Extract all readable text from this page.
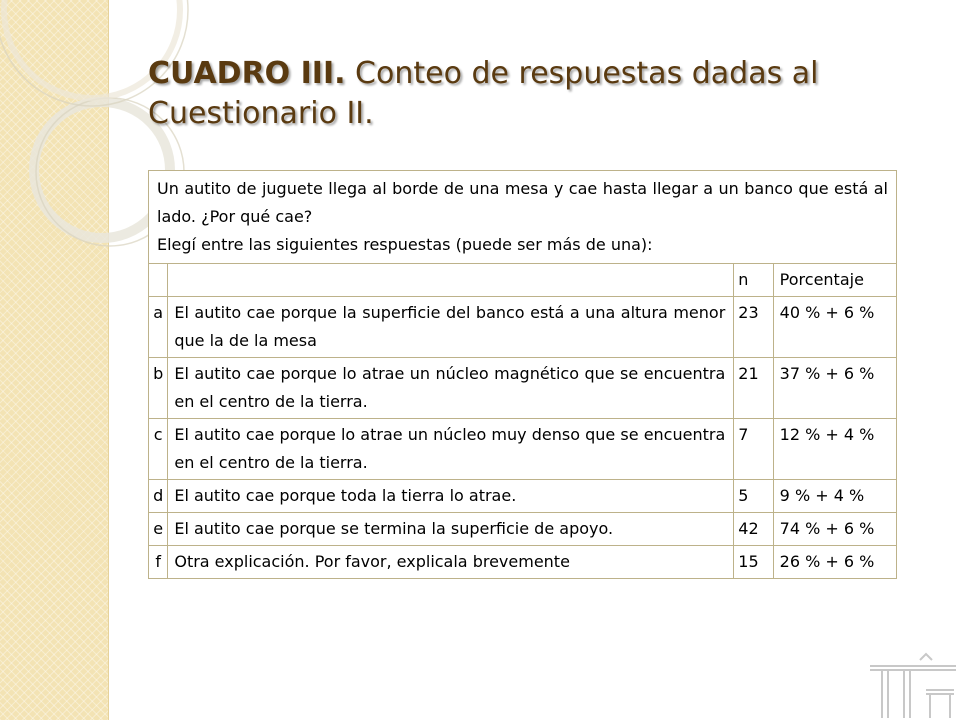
CUADRO III. Conteo de respuestas dadas al Cuestionario II.
Un autito de juguete llega al borde de una mesa y cae hasta llegar a un banco que está al lado. ¿Por qué cae?
Elegí entre las siguientes respuestas (puede ser más de una):			

		n	Porcentaje
a	El autito cae porque la superficie del banco está a una altura menor que la de la mesa	23	40 % + 6 %
b	El autito cae porque lo atrae un núcleo magnético que se encuentra en el centro de la tierra.	21	37 % + 6 %
c	El autito cae porque lo atrae un núcleo muy denso que se encuentra en el centro de la tierra.	7	12 % + 4 %
d	El autito cae porque toda la tierra lo atrae.	5	9 % + 4 %
e	El autito cae porque se termina la superficie de apoyo.	42	74 % + 6 %
f	Otra explicación. Por favor, explicala brevemente	15	26 % + 6 %
